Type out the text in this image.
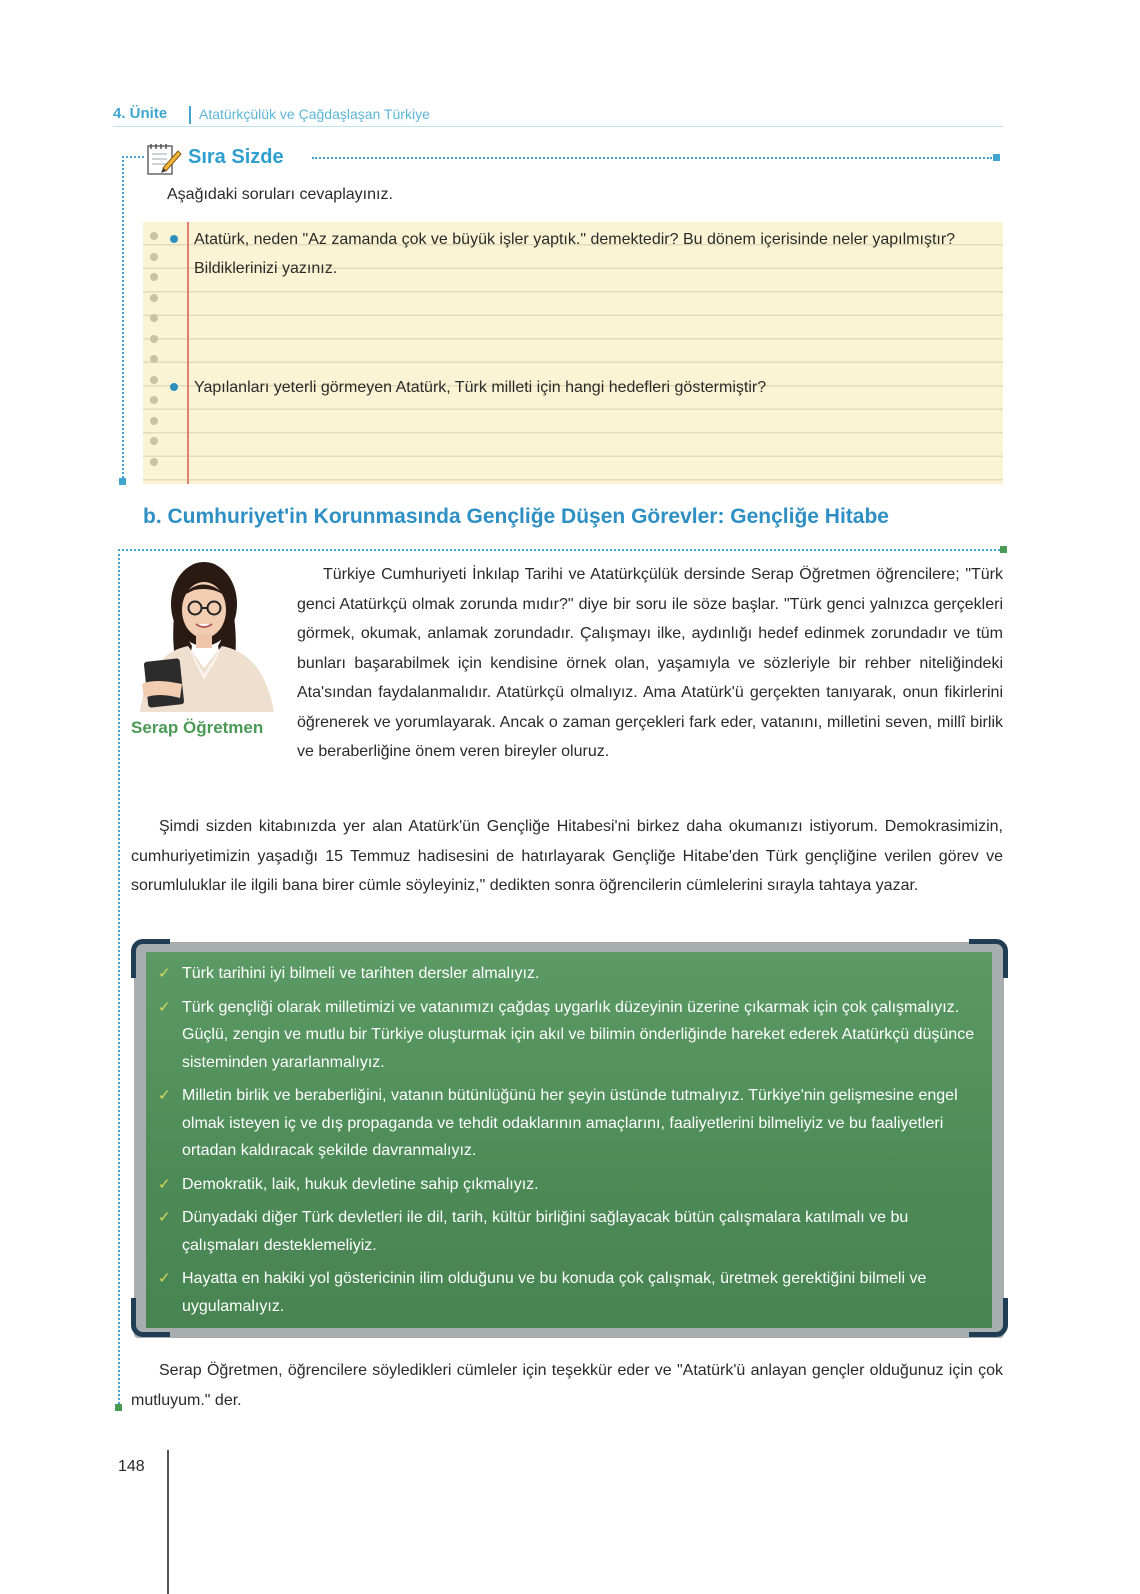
4. Ünite Atatürkçülük ve Çağdaşlaşan Türkiye
Sıra Sizde
Aşağıdaki soruları cevaplayınız.
Atatürk, neden "Az zamanda çok ve büyük işler yaptık." demektedir? Bu dönem içerisinde neler yapılmıştır? Bildiklerinizi yazınız.
Yapılanları yeterli görmeyen Atatürk, Türk milleti için hangi hedefleri göstermiştir?
b. Cumhuriyet'in Korunmasında Gençliğe Düşen Görevler: Gençliğe Hitabe
Serap Öğretmen
Türkiye Cumhuriyeti İnkılap Tarihi ve Atatürkçülük dersinde Serap Öğretmen öğrencilere; "Türk genci Atatürkçü olmak zorunda mıdır?" diye bir soru ile söze başlar. "Türk genci yalnızca gerçekleri görmek, okumak, anlamak zorundadır. Çalışmayı ilke, aydınlığı hedef edinmek zorundadır ve tüm bunları başarabilmek için kendisine örnek olan, yaşamıyla ve sözleriyle bir rehber niteliğindeki Ata'sından faydalanmalıdır. Atatürkçü olmalıyız. Ama Atatürk'ü gerçekten tanıyarak, onun fikirlerini öğrenerek ve yorumlayarak. Ancak o zaman gerçekleri fark eder, vatanını, milletini seven, millî birlik ve beraberliğine önem veren bireyler oluruz.
Şimdi sizden kitabınızda yer alan Atatürk'ün Gençliğe Hitabesi'ni birkez daha okumanızı istiyorum. Demokrasimizin, cumhuriyetimizin yaşadığı 15 Temmuz hadisesini de hatırlayarak Gençliğe Hitabe'den Türk gençliğine verilen görev ve sorumluluklar ile ilgili bana birer cümle söyleyiniz," dedikten sonra öğrencilerin cümlelerini sırayla tahtaya yazar.
✓ Türk tarihini iyi bilmeli ve tarihten dersler almalıyız.
✓ Türk gençliği olarak milletimizi ve vatanımızı çağdaş uygarlık düzeyinin üzerine çıkarmak için çok çalışmalıyız. Güçlü, zengin ve mutlu bir Türkiye oluşturmak için akıl ve bilimin önderliğinde hareket ederek Atatürkçü düşünce sisteminden yararlanmalıyız.
✓ Milletin birlik ve beraberliğini, vatanın bütünlüğünü her şeyin üstünde tutmalıyız. Türkiye'nin gelişmesine engel olmak isteyen iç ve dış propaganda ve tehdit odaklarının amaçlarını, faaliyetlerini bilmeliyiz ve bu faaliyetleri ortadan kaldıracak şekilde davranmalıyız.
✓ Demokratik, laik, hukuk devletine sahip çıkmalıyız.
✓ Dünyadaki diğer Türk devletleri ile dil, tarih, kültür birliğini sağlayacak bütün çalışmalara katılmalı ve bu çalışmaları desteklemeliyiz.
✓ Hayatta en hakiki yol göstericinin ilim olduğunu ve bu konuda çok çalışmak, üretmek gerektiğini bilmeli ve uygulamalıyız.
Serap Öğretmen, öğrencilere söyledikleri cümleler için teşekkür eder ve "Atatürk'ü anlayan gençler olduğunuz için çok mutluyum." der.
148
